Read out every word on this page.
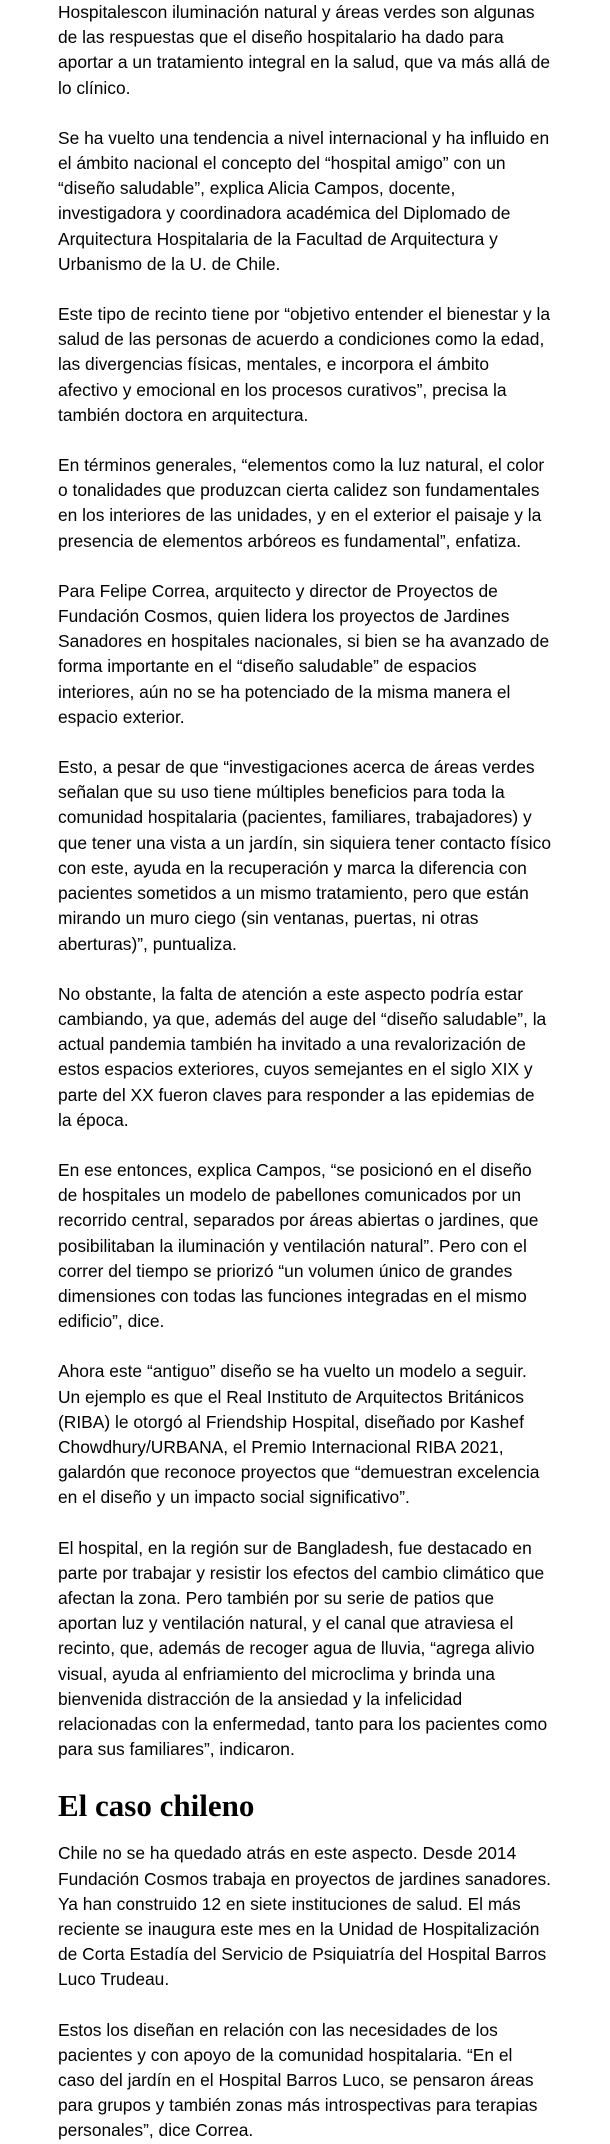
Hospitalescon iluminación natural y áreas verdes son algunas de las respuestas que el diseño hospitalario ha dado para aportar a un tratamiento integral en la salud, que va más allá de lo clínico.

Se ha vuelto una tendencia a nivel internacional y ha influido en el ámbito nacional el concepto del “hospital amigo” con un “diseño saludable”, explica Alicia Campos, docente, investigadora y coordinadora académica del Diplomado de Arquitectura Hospitalaria de la Facultad de Arquitectura y Urbanismo de la U. de Chile.

Este tipo de recinto tiene por “objetivo entender el bienestar y la salud de las personas de acuerdo a condiciones como la edad, las divergencias físicas, mentales, e incorpora el ámbito afectivo y emocional en los procesos curativos”, precisa la también doctora en arquitectura.

En términos generales, “elementos como la luz natural, el color o tonalidades que produzcan cierta calidez son fundamentales en los interiores de las unidades, y en el exterior el paisaje y la presencia de elementos arbóreos es fundamental”, enfatiza.

Para Felipe Correa, arquitecto y director de Proyectos de Fundación Cosmos, quien lidera los proyectos de Jardines Sanadores en hospitales nacionales, si bien se ha avanzado de forma importante en el “diseño saludable” de espacios interiores, aún no se ha potenciado de la misma manera el espacio exterior.

Esto, a pesar de que “investigaciones acerca de áreas verdes señalan que su uso tiene múltiples beneficios para toda la comunidad hospitalaria (pacientes, familiares, trabajadores) y que tener una vista a un jardín, sin siquiera tener contacto físico con este, ayuda en la recuperación y marca la diferencia con pacientes sometidos a un mismo tratamiento, pero que están mirando un muro ciego (sin ventanas, puertas, ni otras aberturas)”, puntualiza.

No obstante, la falta de atención a este aspecto podría estar cambiando, ya que, además del auge del “diseño saludable”, la actual pandemia también ha invitado a una revalorización de estos espacios exteriores, cuyos semejantes en el siglo XIX y parte del XX fueron claves para responder a las epidemias de la época.

En ese entonces, explica Campos, “se posicionó en el diseño de hospitales un modelo de pabellones comunicados por un recorrido central, separados por áreas abiertas o jardines, que posibilitaban la iluminación y ventilación natural”. Pero con el correr del tiempo se priorizó “un volumen único de grandes dimensiones con todas las funciones integradas en el mismo edificio”, dice.

Ahora este “antiguo” diseño se ha vuelto un modelo a seguir. Un ejemplo es que el Real Instituto de Arquitectos Británicos (RIBA) le otorgó al Friendship Hospital, diseñado por Kashef Chowdhury/URBANA, el Premio Internacional RIBA 2021, galardón que reconoce proyectos que “demuestran excelencia en el diseño y un impacto social significativo”.

El hospital, en la región sur de Bangladesh, fue destacado en parte por trabajar y resistir los efectos del cambio climático que afectan la zona. Pero también por su serie de patios que aportan luz y ventilación natural, y el canal que atraviesa el recinto, que, además de recoger agua de lluvia, “agrega alivio visual, ayuda al enfriamiento del microclima y brinda una bienvenida distracción de la ansiedad y la infelicidad relacionadas con la enfermedad, tanto para los pacientes como para sus familiares”, indicaron.

El caso chileno

Chile no se ha quedado atrás en este aspecto. Desde 2014 Fundación Cosmos trabaja en proyectos de jardines sanadores. Ya han construido 12 en siete instituciones de salud. El más reciente se inaugura este mes en la Unidad de Hospitalización de Corta Estadía del Servicio de Psiquiatría del Hospital Barros Luco Trudeau.

Estos los diseñan en relación con las necesidades de los pacientes y con apoyo de la comunidad hospitalaria. “En el caso del jardín en el Hospital Barros Luco, se pensaron áreas para grupos y también zonas más introspectivas para terapias personales”, dice Correa.
